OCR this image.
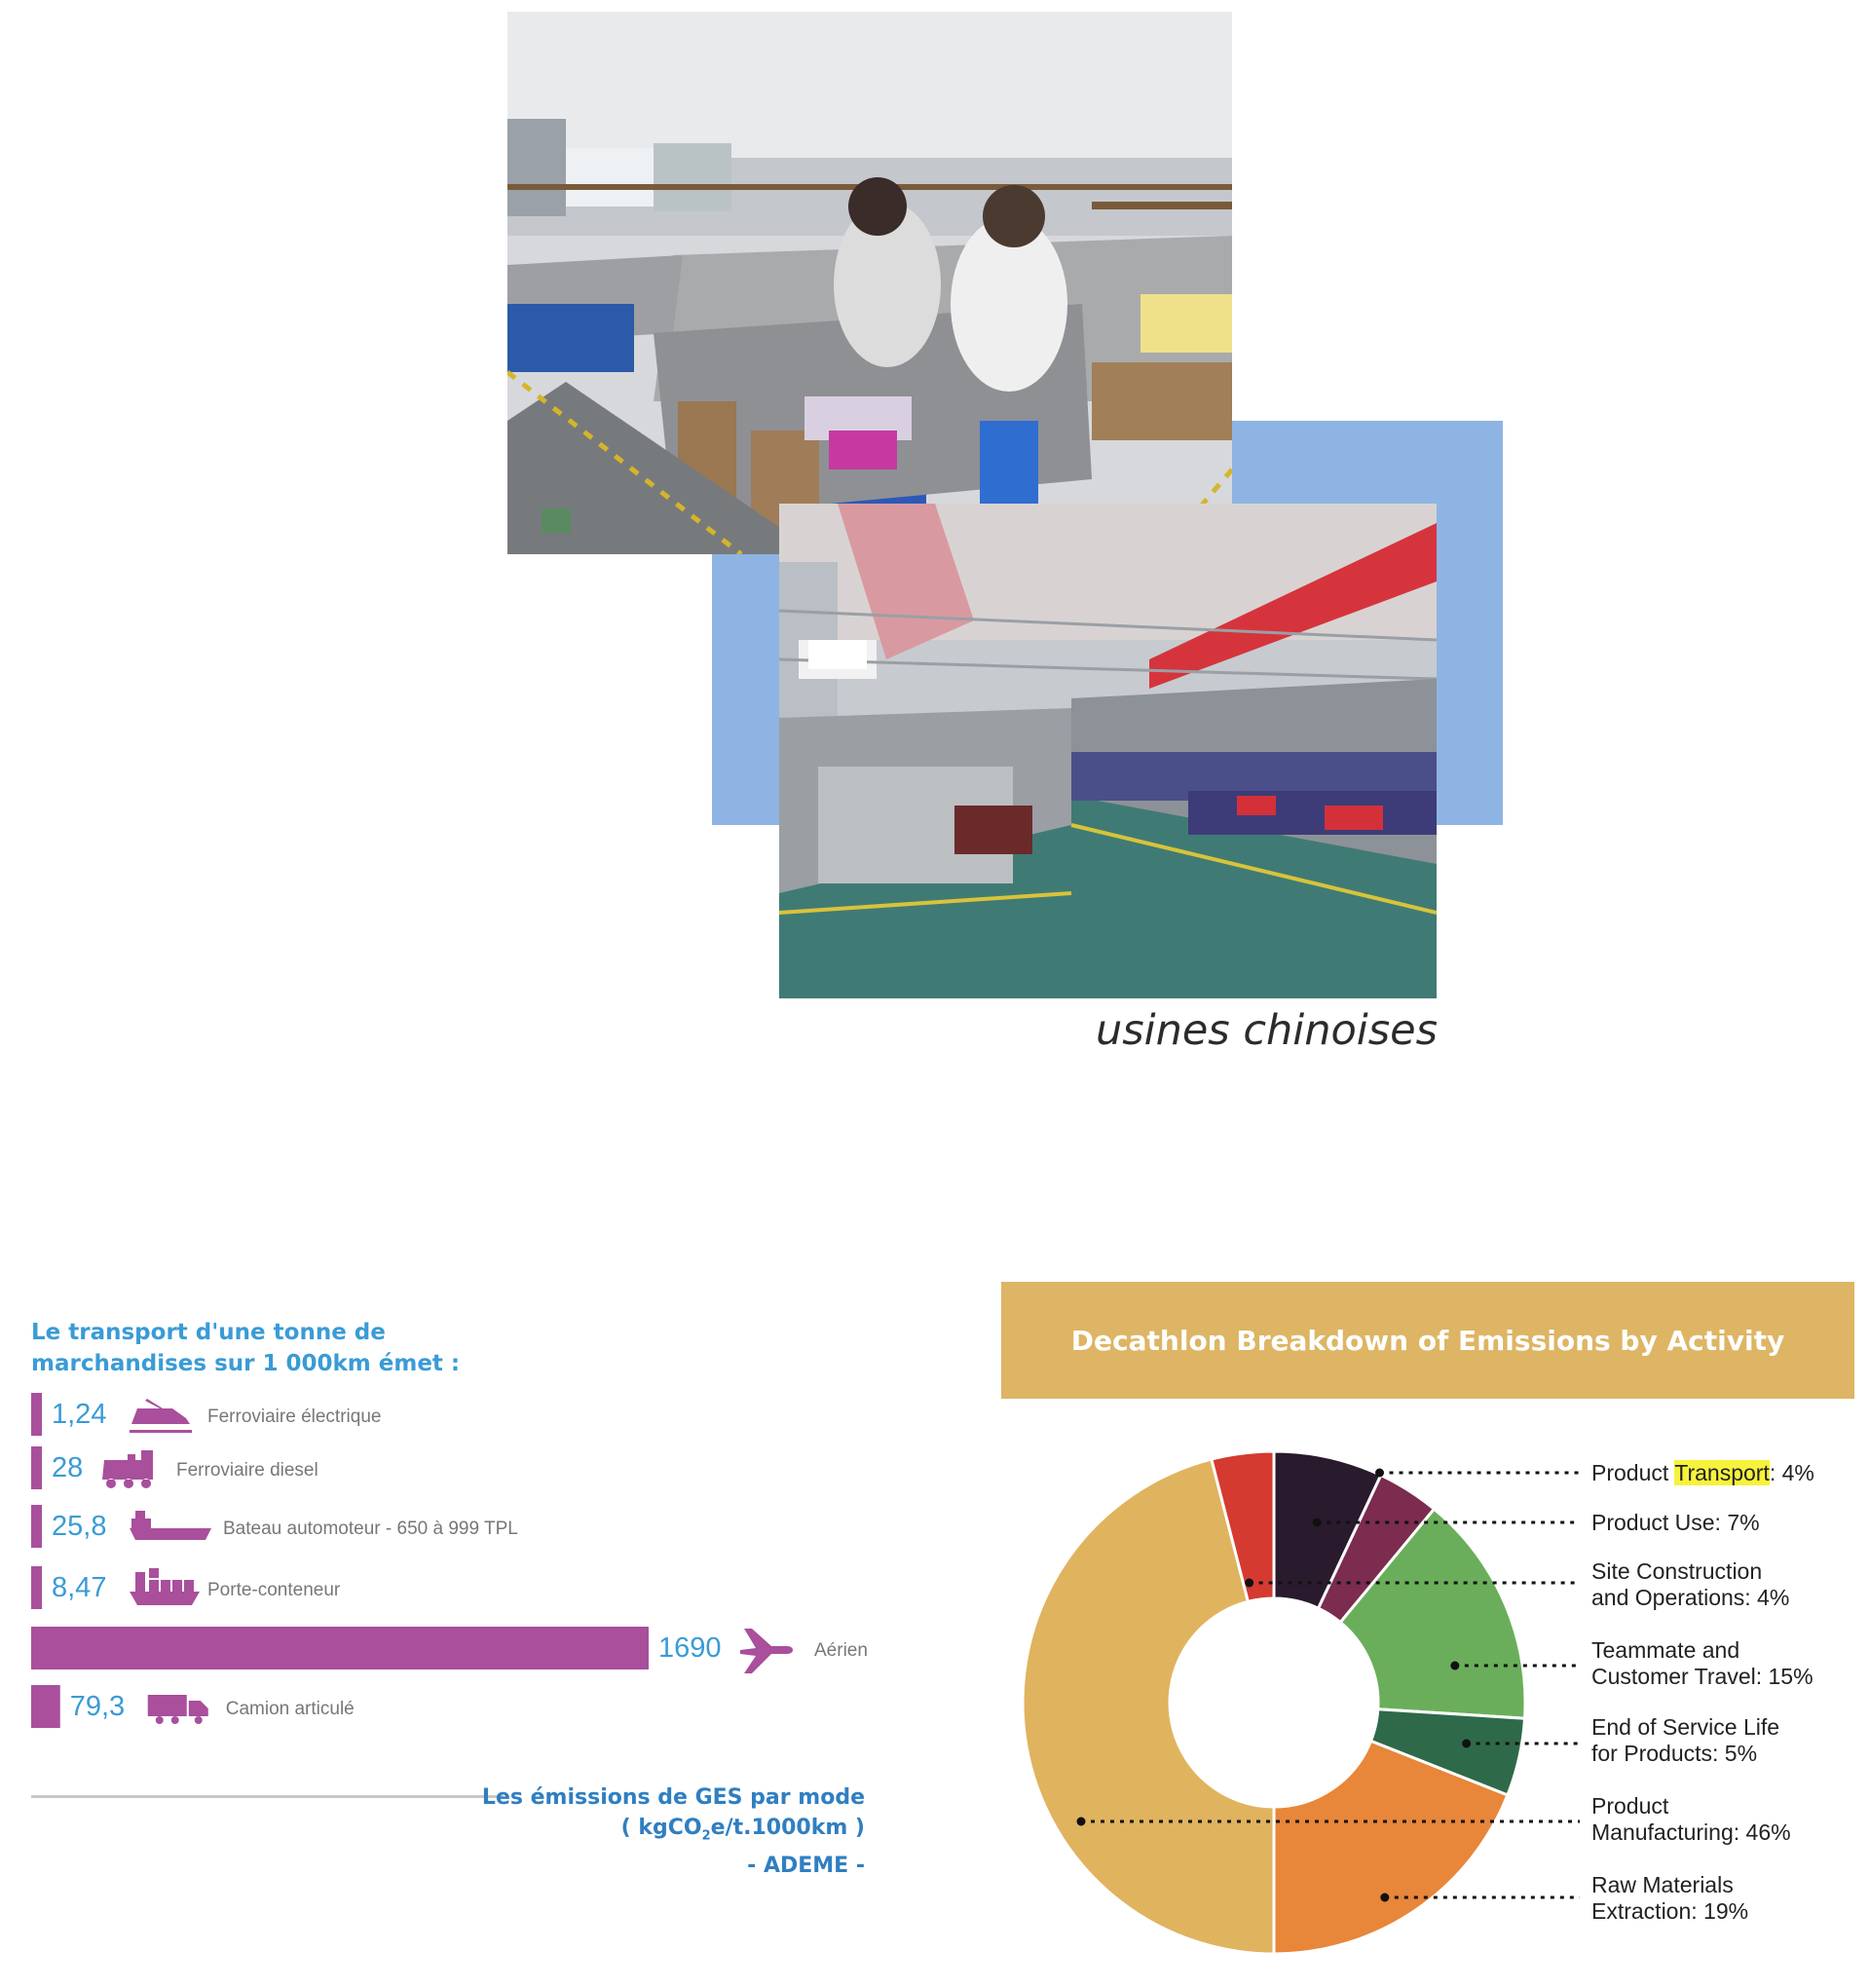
usines chinoises
Le transport d'une tonne de
marchandises sur 1 000km émet :
1,24	Ferroviaire électrique
28	Ferroviaire diesel
25,8	Bateau automoteur - 650 à 999 TPL
8,47	Porte-conteneur
1690	Aérien
79,3	Camion articulé
Les émissions de GES par mode
( kgCO$_2$e/t.1000km )
- ADEME -
Decathlon Breakdown of Emissions by Activity
Product Transport: 4%
Product Use: 7%
Site Construction
and Operations: 4%
Teammate and
Customer Travel: 15%
End of Service Life
for Products: 5%
Product
Manufacturing: 46%
Raw Materials
Extraction: 19%
